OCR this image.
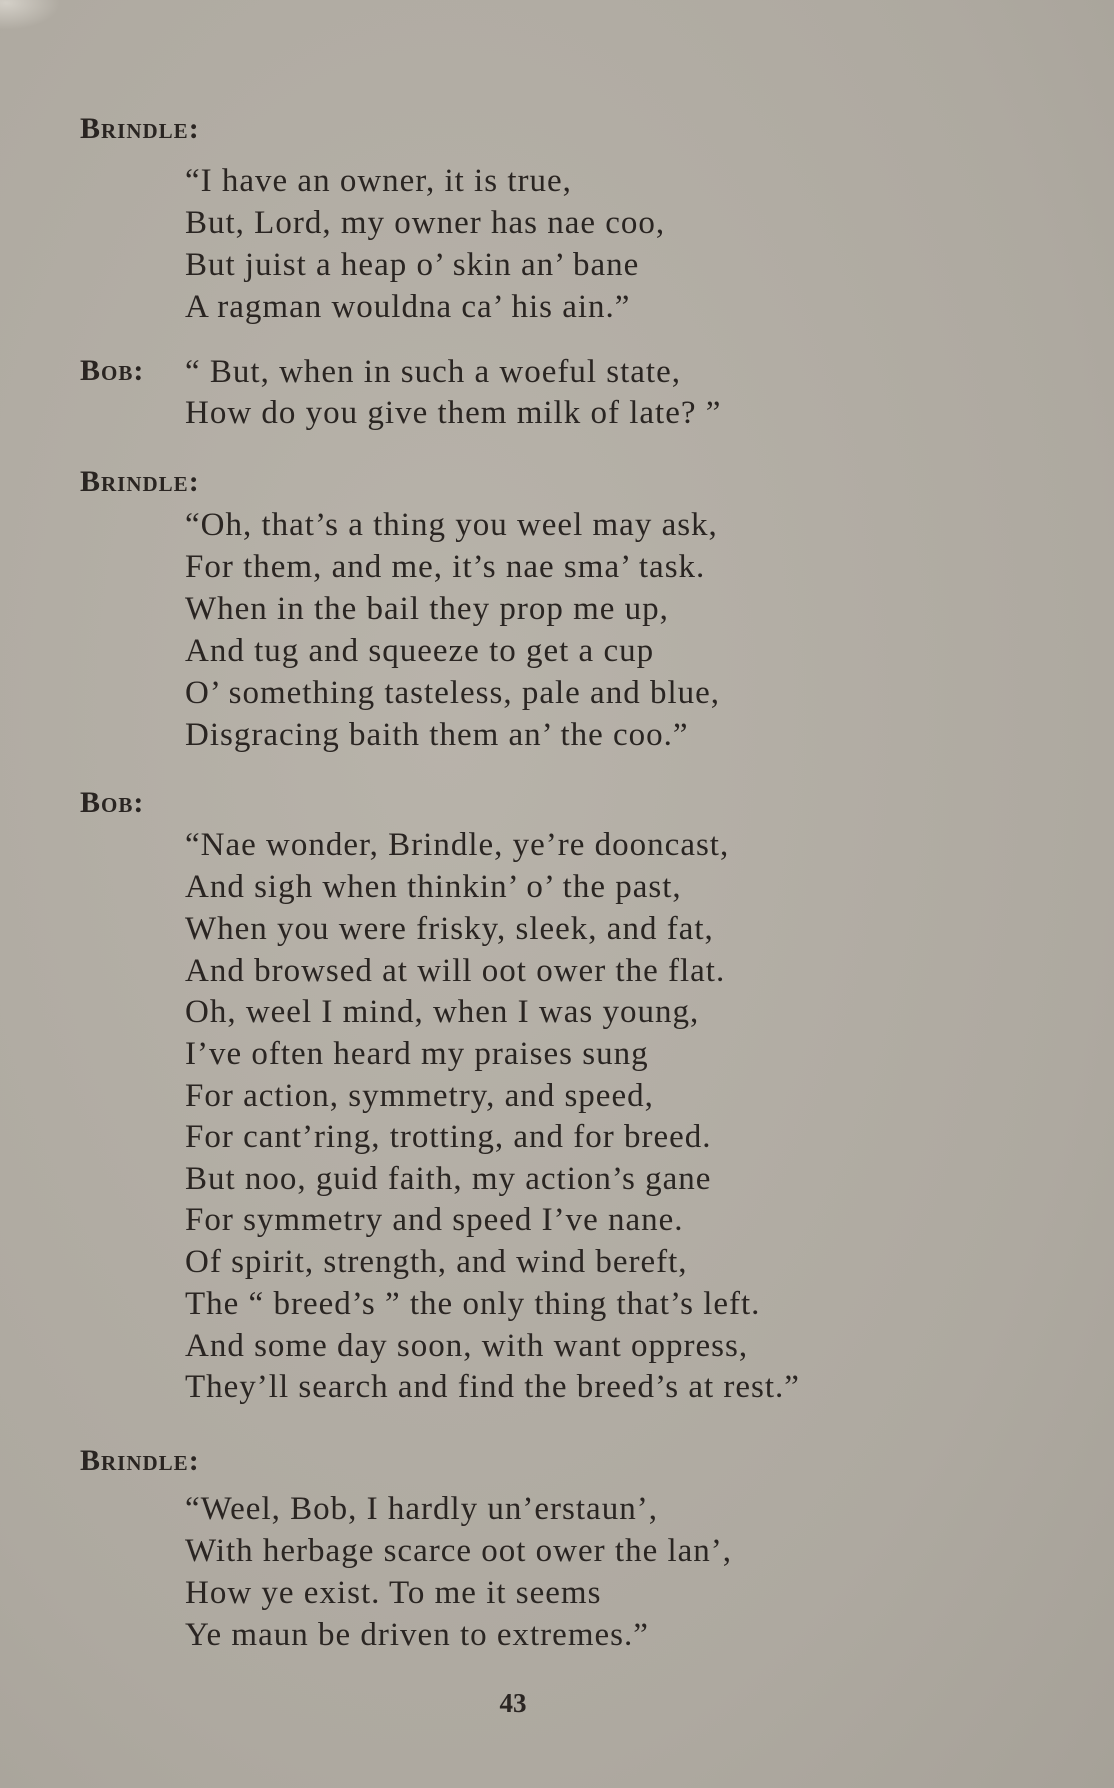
Brindle:
“I have an owner, it is true,
But, Lord, my owner has nae coo,
But juist a heap o’ skin an’ bane
A ragman wouldna ca’ his ain.”
Bob: “ But, when in such a woeful state,
How do you give them milk of late? ”
Brindle:
“Oh, that’s a thing you weel may ask,
For them, and me, it’s nae sma’ task.
When in the bail they prop me up,
And tug and squeeze to get a cup
O’ something tasteless, pale and blue,
Disgracing baith them an’ the coo.”
Bob:
“Nae wonder, Brindle, ye’re dooncast,
And sigh when thinkin’ o’ the past,
When you were frisky, sleek, and fat,
And browsed at will oot ower the flat.
Oh, weel I mind, when I was young,
I’ve often heard my praises sung
For action, symmetry, and speed,
For cant’ring, trotting, and for breed.
But noo, guid faith, my action’s gane
For symmetry and speed I’ve nane.
Of spirit, strength, and wind bereft,
The “ breed’s ” the only thing that’s left.
And some day soon, with want oppress,
They’ll search and find the breed’s at rest.”
Brindle:
“Weel, Bob, I hardly un’erstaun’,
With herbage scarce oot ower the lan’,
How ye exist. To me it seems
Ye maun be driven to extremes.”
43
